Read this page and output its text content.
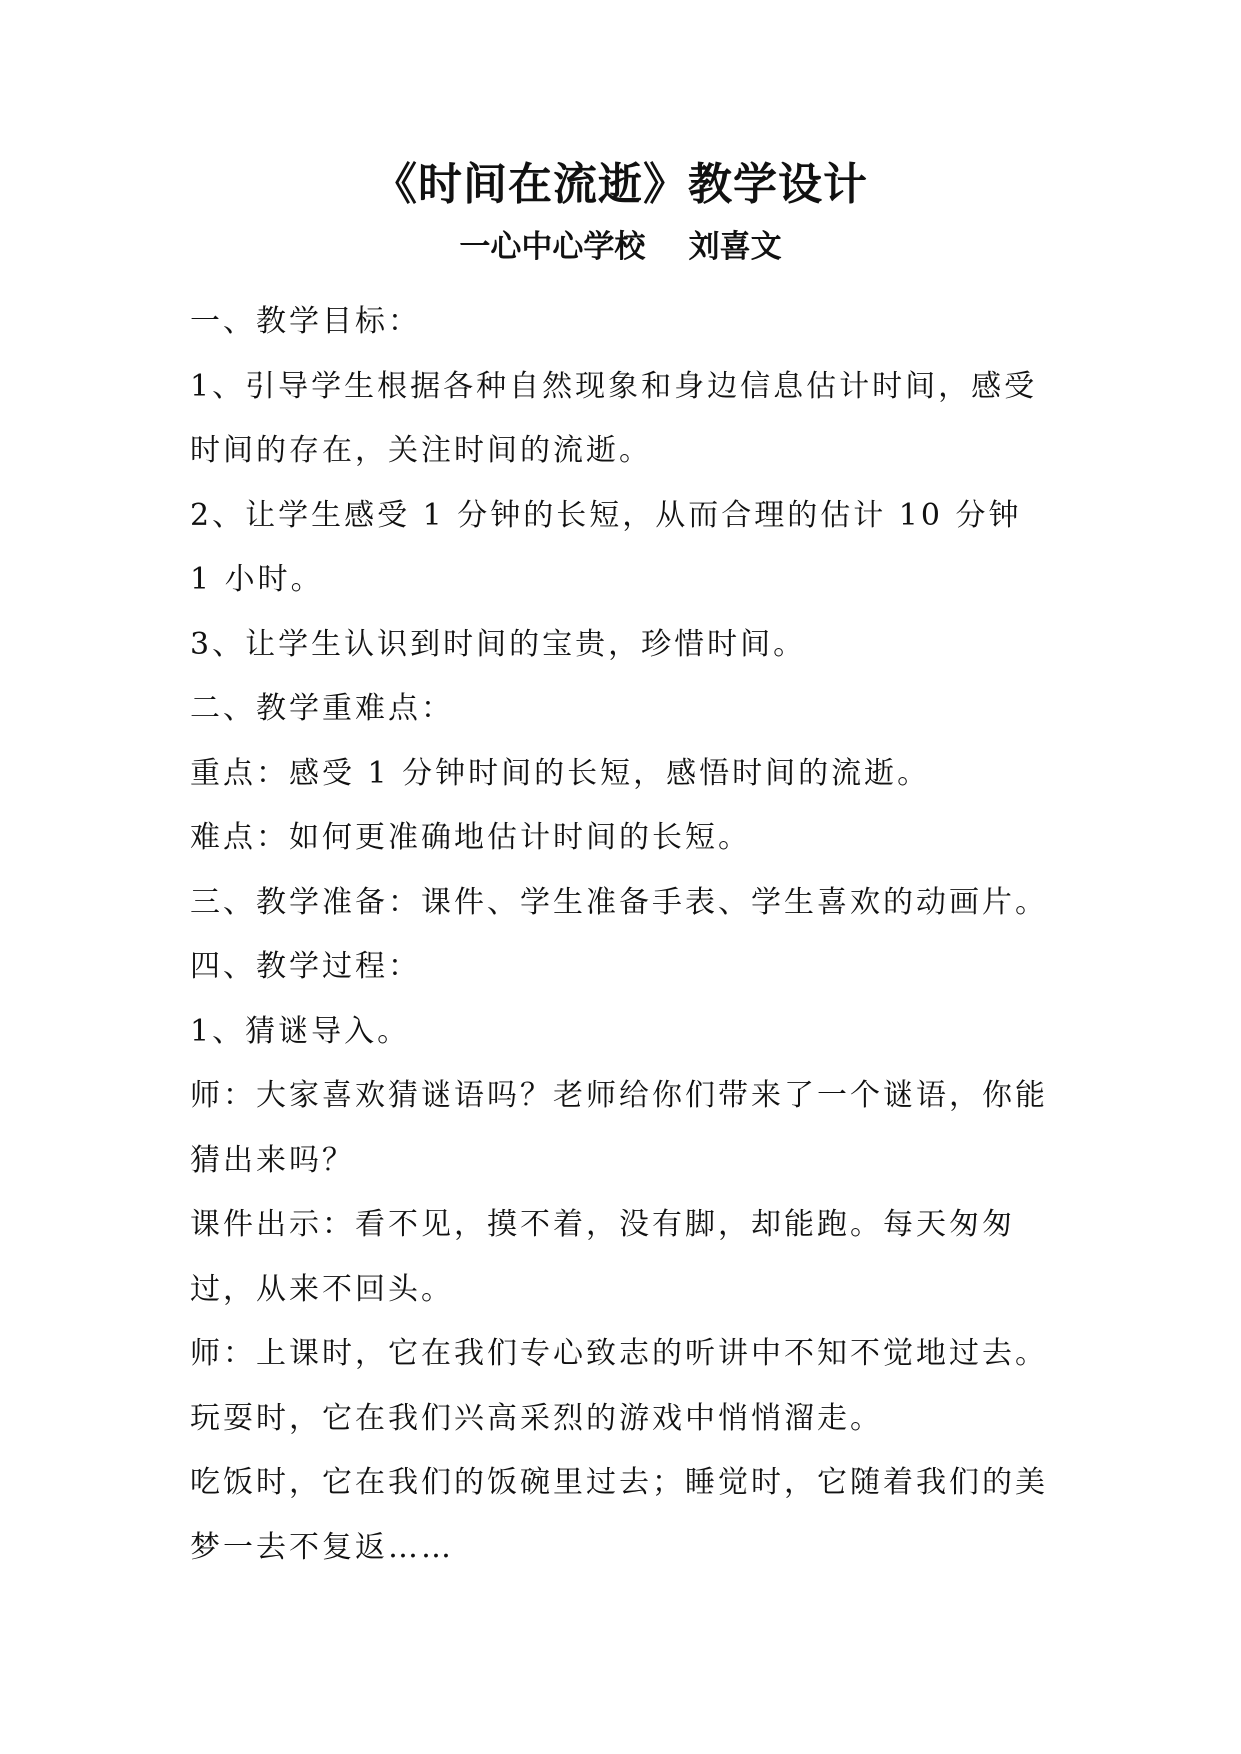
《时间在流逝》教学设计
一心中心学校    刘喜文

一、教学目标：

1、引导学生根据各种自然现象和身边信息估计时间，感受时间的存在，关注时间的流逝。

2、让学生感受 1 分钟的长短，从而合理的估计 10 分钟 1 小时。

3、让学生认识到时间的宝贵，珍惜时间。

二、教学重难点：

重点：感受 1 分钟时间的长短，感悟时间的流逝。

难点：如何更准确地估计时间的长短。

三、教学准备：课件、学生准备手表、学生喜欢的动画片。

四、教学过程：

1、猜谜导入。

师：大家喜欢猜谜语吗？老师给你们带来了一个谜语，你能猜出来吗？

课件出示：看不见，摸不着，没有脚，却能跑。每天匆匆过，从来不回头。

师：上课时，它在我们专心致志的听讲中不知不觉地过去。

玩耍时，它在我们兴高采烈的游戏中悄悄溜走。

吃饭时，它在我们的饭碗里过去；睡觉时，它随着我们的美梦一去不复返……
